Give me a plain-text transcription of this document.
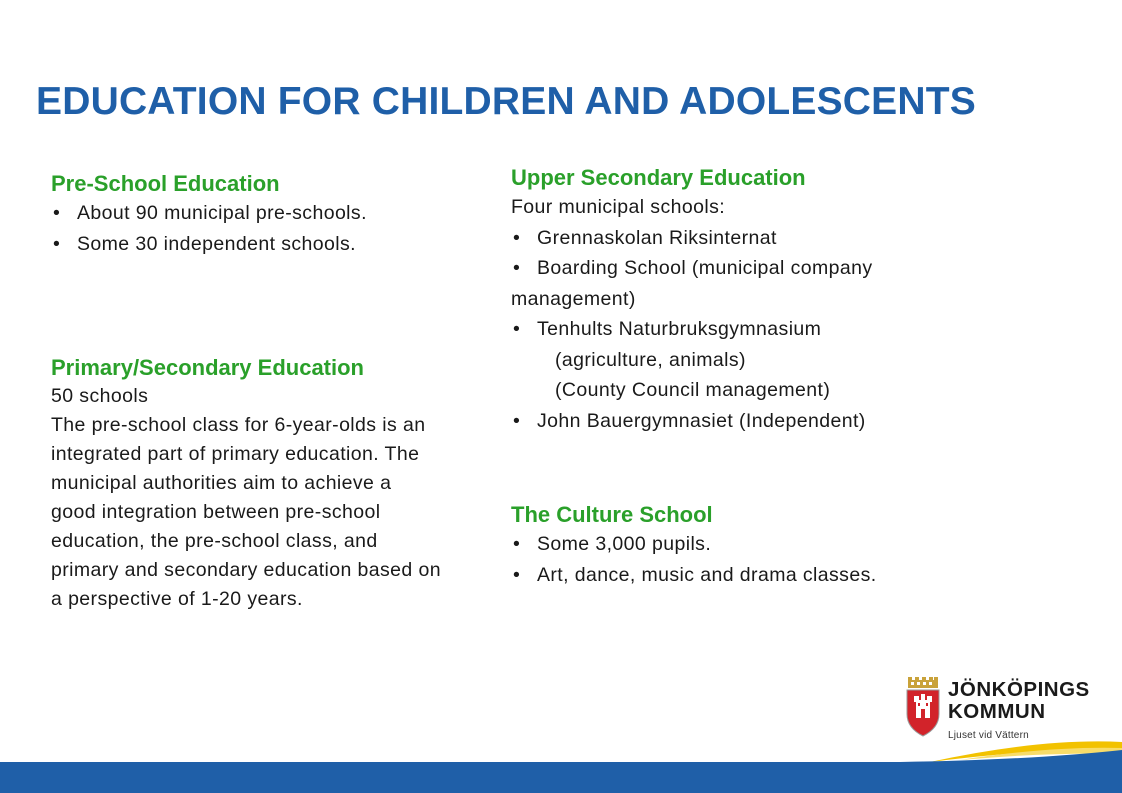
EDUCATION FOR CHILDREN AND ADOLESCENTS
Pre-School Education
• About 90 municipal pre-schools.
• Some 30 independent schools.
Primary/Secondary Education
50 schools
The pre-school class for 6-year-olds is an integrated part of primary education. The municipal authorities aim to achieve a good integration between pre-school education, the pre-school class, and primary and secondary education based on a perspective of 1-20 years.
Upper Secondary Education
Four municipal schools:
• Grennaskolan Riksinternat
• Boarding School (municipal company management)
• Tenhults Naturbruksgymnasium
(agriculture, animals)
(County Council management)
• John Bauergymnasiet (Independent)
The Culture School
• Some 3,000 pupils.
• Art, dance, music and drama classes.
JÖNKÖPINGS
KOMMUN
Ljuset vid Vättern
